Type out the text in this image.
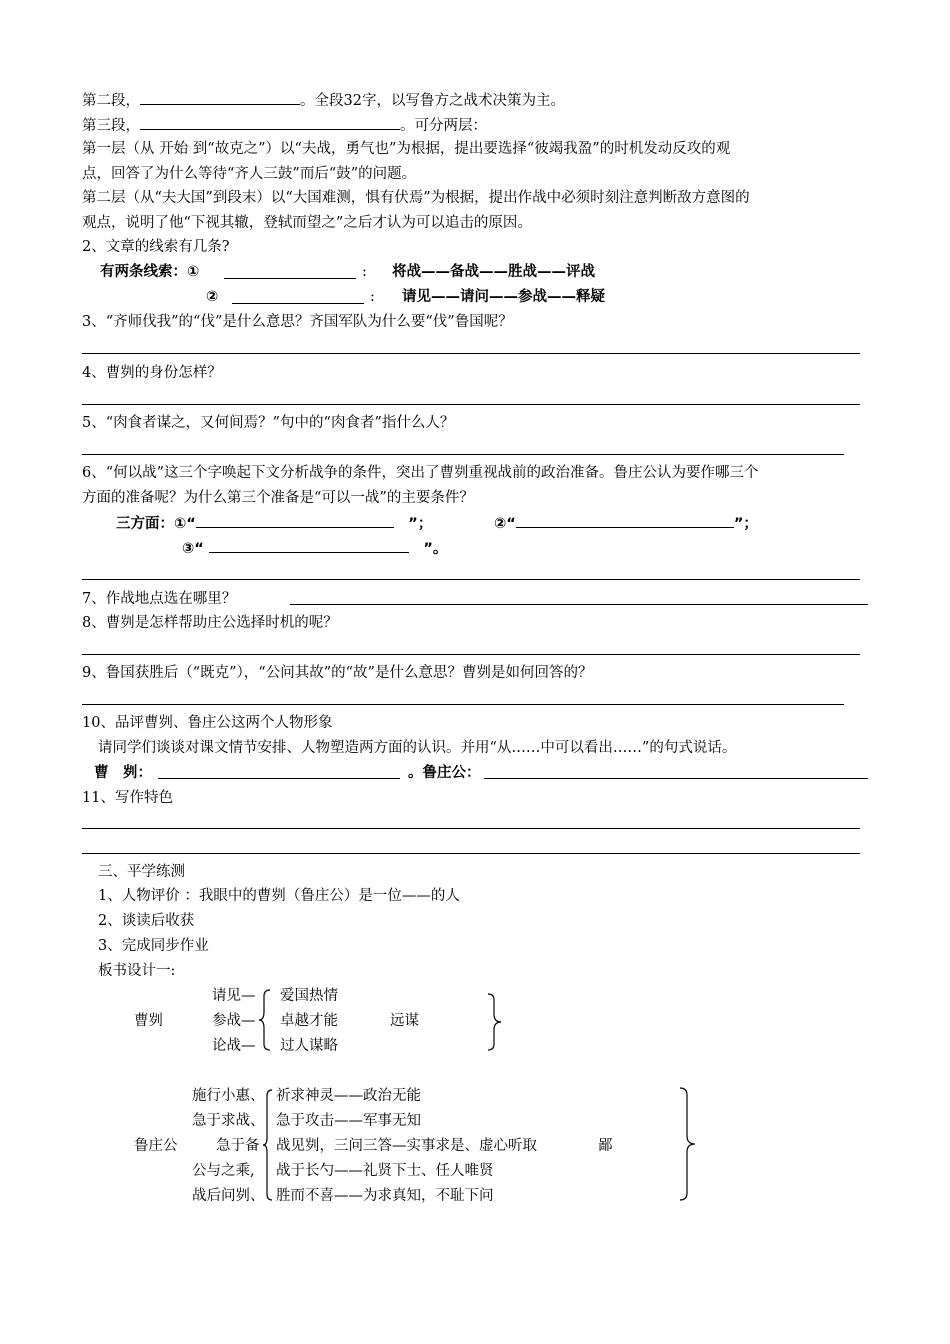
第二段，	。全段32字，以写鲁方之战术决策为主。
第三段，	。可分两层：
第一层（从 开始 到“故克之”）以“夫战，勇气也”为根据，提出要选择“彼竭我盈”的时机发动反攻的观
点，回答了为什么等待“齐人三鼓”而后“鼓”的问题。
第二层（从“夫大国”到段末）以“大国难测，惧有伏焉”为根据，提出作战中必须时刻注意判断敌方意图的
观点，说明了他“下视其辙，登轼而望之”之后才认为可以追击的原因。
2、文章的线索有几条?
有两条线索：①	: 将战——备战——胜战——评战
②	: 请见——请问——参战——释疑
3、“齐师伐我”的“伐”是什么意思？齐国军队为什么要“伐”鲁国呢？
4、曹刿的身份怎样？
5、“肉食者谋之，又何间焉？”句中的“肉食者”指什么人？
6、“何以战”这三个字唤起下文分析战争的条件，突出了曹刿重视战前的政治准备。鲁庄公认为要作哪三个
方面的准备呢？为什么第三个准备是“可以一战”的主要条件？
三方面：①“	　”；	②“	”；
③“	　”。
7、作战地点选在哪里？
8、曹刿是怎样帮助庄公选择时机的呢？
9、鲁国获胜后（“既克”），“公问其故”的“故”是什么意思？曹刿是如何回答的？
10、品评曹刿、鲁庄公这两个人物形象
请同学们谈谈对课文情节安排、人物塑造两方面的认识。并用“从……中可以看出……”的句式说话。
曹　刿：	。鲁庄公：
11、写作特色
三、平学练测
1、人物评价 ：我眼中的曹刿（鲁庄公）是一位——的人
2、谈读后收获
3、完成同步作业
板书设计一:
曹刿
请见—
参战—
论战—
爱国热情
卓越才能
过人谋略
远谋
鲁庄公
施行小惠、
急于求战、
急于备
公与之乘,
战后问刿、
祈求神灵——政治无能
急于攻击——军事无知
战见刿，三问三答—实事求是、虚心听取
战于长勺——礼贤下士、任人唯贤
胜而不喜——为求真知，不耻下问
鄙
